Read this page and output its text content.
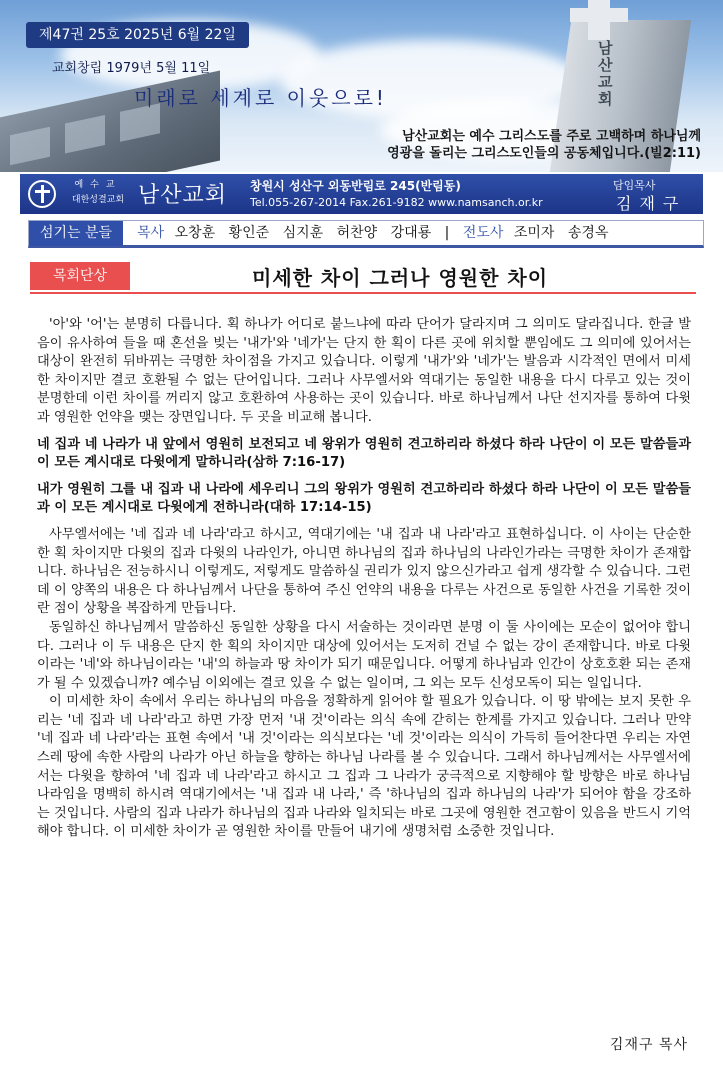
남산교회
제47권 25호 2025년 6월 22일
교회창립 1979년 5월 11일
미래로 세계로 이웃으로!
남산교회는 예수 그리스도를 주로 고백하며 하나님께
영광을 돌리는 그리스도인들의 공동체입니다.(빌2:11)
예수교
대한성결교회 남산교회 창원시 성산구 외동반림로 245(반림동)
Tel.055-267-2014 Fax.261-9182 www.namsanch.or.kr
담임목사
김재구
섬기는 분들	목사 오창훈 황인준 심지훈 허찬양 강대룡 | 전도사 조미자 송경옥
목회단상	미세한 차이 그러나 영원한 차이

'아'와 '어'는 분명히 다릅니다. 획 하나가 어디로 붙느냐에 따라 단어가 달라지며 그 의미도 달라집니다. 한글 발음이 유사하여 들을 때 혼선을 빚는 '내가'와 '네가'는 단지 한 획이 다른 곳에 위치할 뿐임에도 그 의미에 있어서는 대상이 완전히 뒤바뀌는 극명한 차이점을 가지고 있습니다. 이렇게 '내가'와 '네가'는 발음과 시각적인 면에서 미세한 차이지만 결코 호환될 수 없는 단어입니다. 그러나 사무엘서와 역대기는 동일한 내용을 다시 다루고 있는 것이 분명한데 이런 차이를 꺼리지 않고 호환하여 사용하는 곳이 있습니다. 바로 하나님께서 나단 선지자를 통하여 다윗과 영원한 언약을 맺는 장면입니다. 두 곳을 비교해 봅니다.

네 집과 네 나라가 내 앞에서 영원히 보전되고 네 왕위가 영원히 견고하리라 하셨다 하라 나단이 이 모든 말씀들과 이 모든 계시대로 다윗에게 말하니라(삼하 7:16-17)

내가 영원히 그를 내 집과 내 나라에 세우리니 그의 왕위가 영원히 견고하리라 하셨다 하라 나단이 이 모든 말씀들과 이 모든 계시대로 다윗에게 전하니라(대하 17:14-15)

사무엘서에는 '네 집과 네 나라'라고 하시고, 역대기에는 '내 집과 내 나라'라고 표현하십니다. 이 사이는 단순한 한 획 차이지만 다윗의 집과 다윗의 나라인가, 아니면 하나님의 집과 하나님의 나라인가라는 극명한 차이가 존재합니다. 하나님은 전능하시니 이렇게도, 저렇게도 말씀하실 권리가 있지 않으신가라고 쉽게 생각할 수 있습니다. 그런데 이 양쪽의 내용은 다 하나님께서 나단을 통하여 주신 언약의 내용을 다루는 사건으로 동일한 사건을 기록한 것이란 점이 상황을 복잡하게 만듭니다.

동일하신 하나님께서 말씀하신 동일한 상황을 다시 서술하는 것이라면 분명 이 둘 사이에는 모순이 없어야 합니다. 그러나 이 두 내용은 단지 한 획의 차이지만 대상에 있어서는 도저히 건널 수 없는 강이 존재합니다. 바로 다윗이라는 '네'와 하나님이라는 '내'의 하늘과 땅 차이가 되기 때문입니다. 어떻게 하나님과 인간이 상호호환 되는 존재가 될 수 있겠습니까? 예수님 이외에는 결코 있을 수 없는 일이며, 그 외는 모두 신성모독이 되는 일입니다.

이 미세한 차이 속에서 우리는 하나님의 마음을 정확하게 읽어야 할 필요가 있습니다. 이 땅 밖에는 보지 못한 우리는 '네 집과 네 나라'라고 하면 가장 먼저 '내 것'이라는 의식 속에 갇히는 한계를 가지고 있습니다. 그러나 만약 '네 집과 네 나라'라는 표현 속에서 '내 것'이라는 의식보다는 '네 것'이라는 의식이 가득히 들어찬다면 우리는 자연스레 땅에 속한 사람의 나라가 아닌 하늘을 향하는 하나님 나라를 볼 수 있습니다. 그래서 하나님께서는 사무엘서에서는 다윗을 향하여 '네 집과 네 나라'라고 하시고 그 집과 그 나라가 궁극적으로 지향해야 할 방향은 바로 하나님 나라임을 명백히 하시려 역대기에서는 '내 집과 내 나라,' 즉 '하나님의 집과 하나님의 나라'가 되어야 함을 강조하는 것입니다. 사람의 집과 나라가 하나님의 집과 나라와 일치되는 바로 그곳에 영원한 견고함이 있음을 반드시 기억해야 합니다. 이 미세한 차이가 곧 영원한 차이를 만들어 내기에 생명처럼 소중한 것입니다.

김재구 목사
